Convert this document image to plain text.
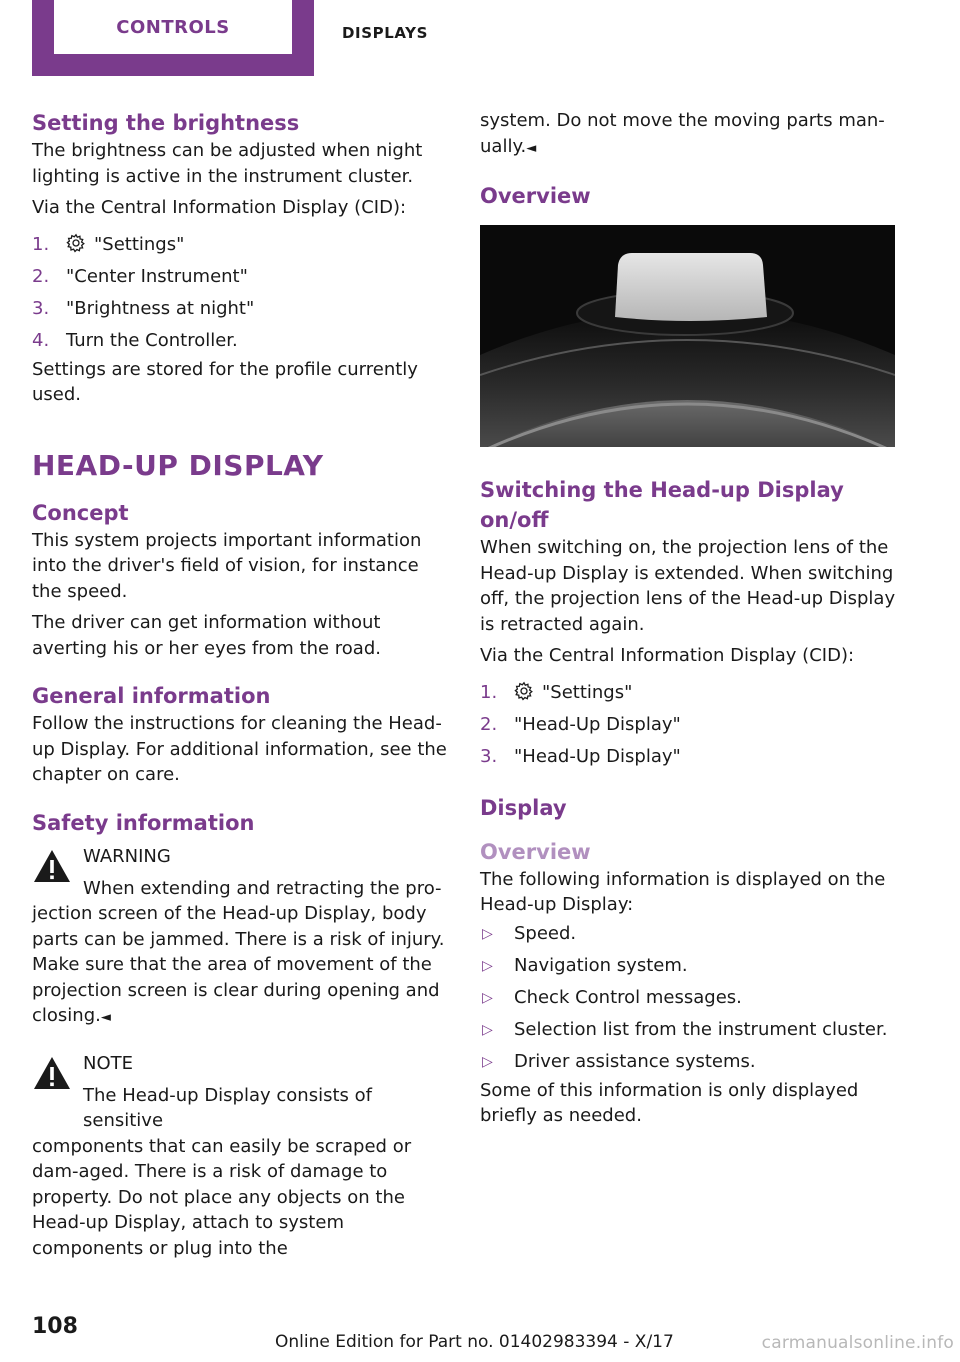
CONTROLS	DISPLAYS
Setting the brightness

The brightness can be adjusted when night lighting is active in the instrument cluster.

Via the Central Information Display (CID):

1. "Settings"
2. "Center Instrument"
3. "Brightness at night"
4. Turn the Controller.

Settings are stored for the profile currently used.

HEAD-UP DISPLAY
Concept

This system projects important information into the driver's field of vision, for instance the speed.

The driver can get information without averting his or her eyes from the road.

General information

Follow the instructions for cleaning the Head-up Display. For additional information, see the chapter on care.

Safety information
WARNING
When extending and retracting the pro-

jection screen of the Head-up Display, body parts can be jammed. There is a risk of injury. Make sure that the area of movement of the projection screen is clear during opening and closing.◄

NOTE
The Head-up Display consists of sensitive

components that can easily be scraped or dam-aged. There is a risk of damage to property. Do not place any objects on the Head-up Display, attach to system components or plug into the

system. Do not move the moving parts man-ually.◄

Overview
Switching the Head-up Display on/off

When switching on, the projection lens of the Head-up Display is extended. When switching off, the projection lens of the Head-up Display is retracted again.

Via the Central Information Display (CID):

1. "Settings"
2. "Head-Up Display"
3. "Head-Up Display"
Display
Overview

The following information is displayed on the Head-up Display:

▷ Speed.
▷ Navigation system.
▷ Check Control messages.
▷ Selection list from the instrument cluster.
▷ Driver assistance systems.

Some of this information is only displayed briefly as needed.

108
Online Edition for Part no. 01402983394 - X/17	carmanualsonline.info
